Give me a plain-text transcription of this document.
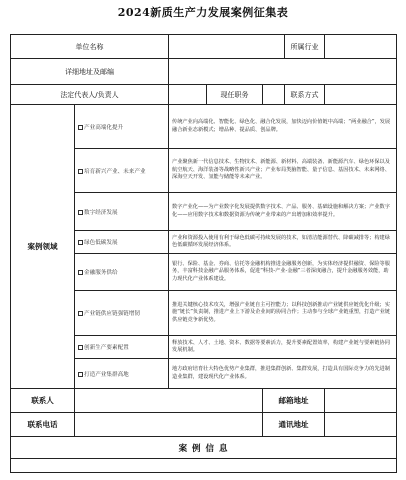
2024新质生产力发展案例征集表
单位名称					所属行业	
详细地址及邮编						
法定代表人/负责人			现任职务		联系方式	
案例领域	产业高端化提升	传统产业向高端化、智能化、绿色化、融合化发展，加快迈向价值链中高端；“两业融合”，发展融合新业态新模式；增品种、提品质、创品牌。				
	培育新兴产业、未来产业	产业聚焦新一代信息技术、生物技术、新能源、新材料、高端装备、新能源汽车、绿色环保以及航空航天、海洋装备等战略性新兴产业；产业布局类脑智能、量子信息、基因技术、未来网络、深海空天开发、氢能与储能等未来产业。				
	数字经济发展	数字产业化——为产业数字化发展提供数字技术、产品、服务、基础设施和解决方案；产业数字化——应用数字技术和数据资源为传统产业带来的产出增加和效率提升。				
	绿色低碳发展	产业和资源投入使用有利于绿色低碳可持续发展的技术，如清洁能源替代、降碳减排等；构建绿色低碳循环发展经济体系。				
	金融服务供给	银行、保险、基金、券商、信托等金融机构推进金融服务创新，为实体经济提供融资、保险等服务，丰富科技金融产品服务体系，促进“科技-产业-金融”三者深度融合，提升金融服务效能，助力现代化产业体系建设。				
	产业链供应链强链增韧	推进关键核心技术攻关，增强产业链自主可控能力；以科技创新推动产业链供应链优化升级；实施“链长”负责制，推进产业上下游及企业间的协同合作；主动参与全球产业链重塑，打造产业链供应链竞争新优势。				
	创新生产要素配置	释放技术、人才、土地、资本、数据等要素活力，提升要素配置效率，构建产业链与要素链协同发展机制。				
	打造产业集群高地	地方政府培育壮大特色优势产业集群，推进集群创新、集群发展，打造具有国际竞争力的先进制造业集群，建设现代化产业体系。				
联系人				邮箱地址		
联系电话				通讯地址		
案 例 信 息						
